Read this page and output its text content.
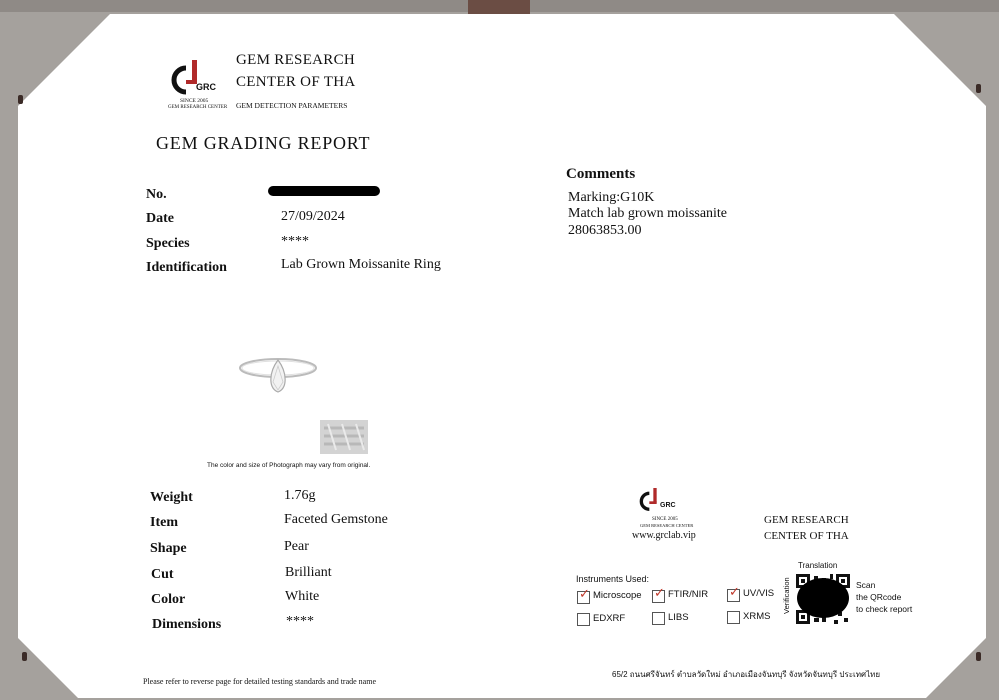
GRC
SINCE 2005
GEM RESEARCH CENTER
GEM RESEARCH
CENTER OF THA
GEM DETECTION PARAMETERS
GEM GRADING REPORT
No.
Date	27/09/2024
Species	****
Identification	Lab Grown Moissanite Ring
Comments
Marking:G10K
Match lab grown moissanite
28063853.00
The color and size of Photograph may vary from original.
Weight	1.76g
Item	Faceted Gemstone
Shape	Pear
Cut	Brilliant
Color	White
Dimensions	****
GRC
SINCE 2005
GEM RESEARCH CENTER
www.grclab.vip
GEM RESEARCH
CENTER OF THA
Instruments Used:
✓ Microscope ✓ FTIR/NIR ✓ UV/VIS
EDXRF	LIBS	XRMS
Translation
Verification	Scan
the QRcode
to check report
Please refer to reverse page for detailed testing standards and trade name
65/2 ถนนศรีจันทร์ ตำบลวัดใหม่ อำเภอเมืองจันทบุรี จังหวัดจันทบุรี ประเทศไทย
